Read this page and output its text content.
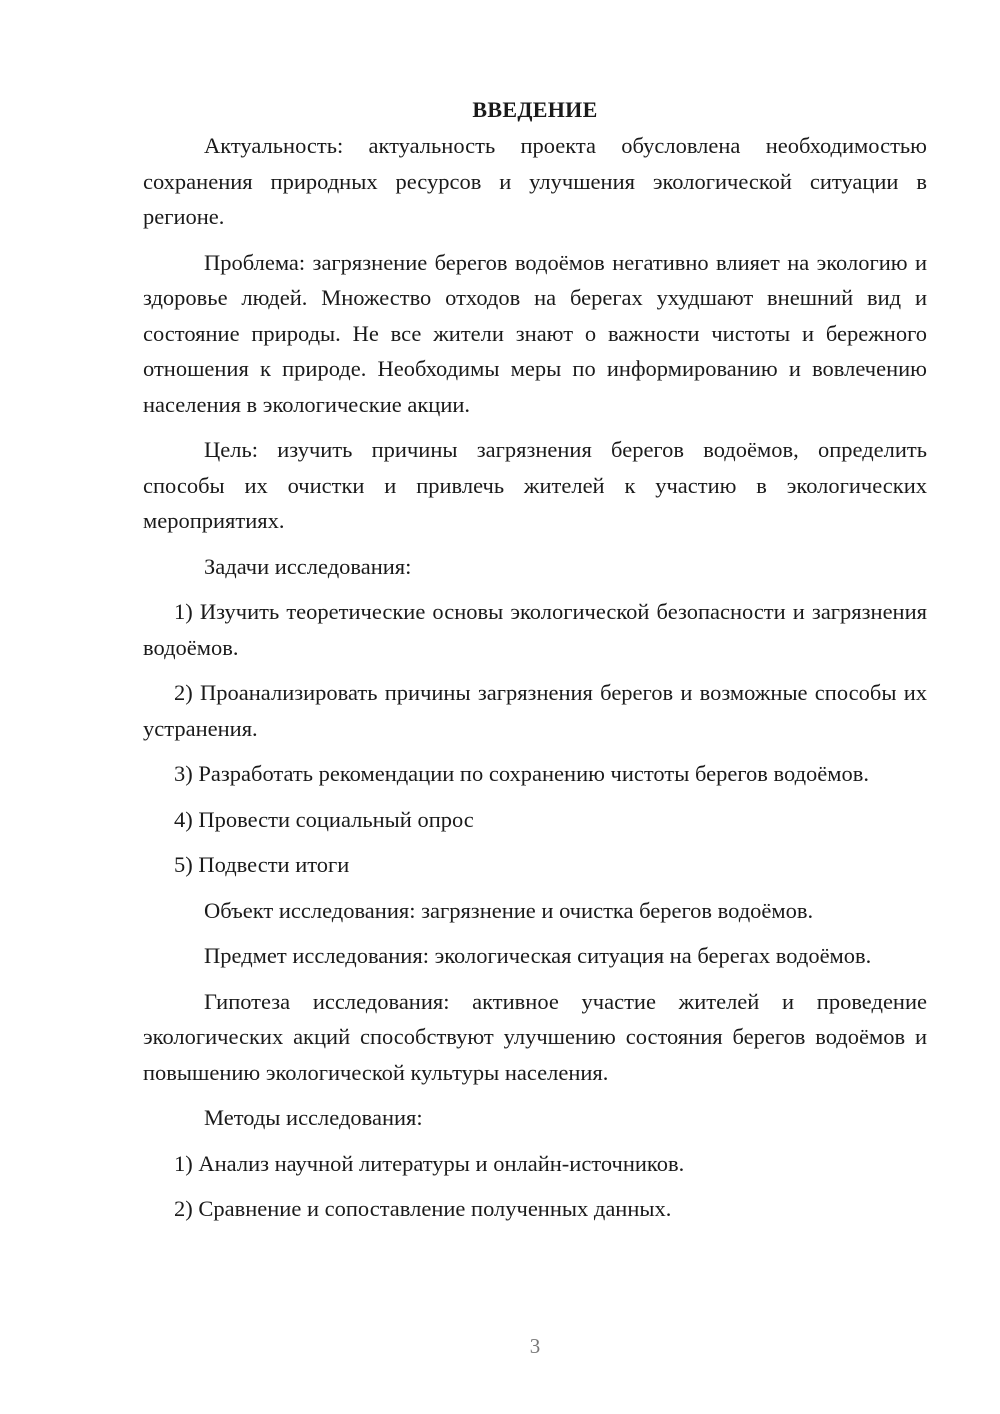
ВВЕДЕНИЕ

Актуальность: актуальность проекта обусловлена необходимостью сохранения природных ресурсов и улучшения экологической ситуации в регионе.

Проблема: загрязнение берегов водоёмов негативно влияет на экологию и здоровье людей. Множество отходов на берегах ухудшают внешний вид и состояние природы. Не все жители знают о важности чистоты и бережного отношения к природе. Необходимы меры по информированию и вовлечению населения в экологические акции.

Цель: изучить причины загрязнения берегов водоёмов, определить способы их очистки и привлечь жителей к участию в экологических мероприятиях.

Задачи исследования:

1) Изучить теоретические основы экологической безопасности и загрязнения водоёмов.

2) Проанализировать причины загрязнения берегов и возможные способы их устранения.

3) Разработать рекомендации по сохранению чистоты берегов водоёмов.

4) Провести социальный опрос

5) Подвести итоги

Объект исследования: загрязнение и очистка берегов водоёмов.

Предмет исследования: экологическая ситуация на берегах водоёмов.

Гипотеза исследования: активное участие жителей и проведение экологических акций способствуют улучшению состояния берегов водоёмов и повышению экологической культуры населения.

Методы исследования:

1) Анализ научной литературы и онлайн-источников.

2) Сравнение и сопоставление полученных данных.

3
